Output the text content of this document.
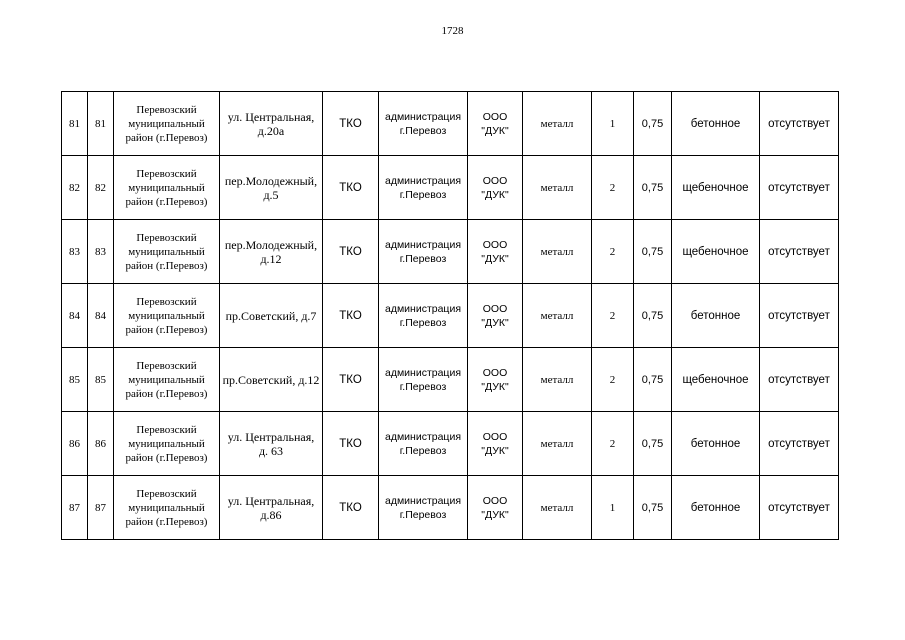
1728
81	81	Перевозский муниципальный район (г.Перевоз)	ул. Центральная, д.20а	ТКО	администрация г.Перевоз	ООО "ДУК"	металл	1	0,75	бетонное	отсутствует
82	82	Перевозский муниципальный район (г.Перевоз)	пер.Молодежный, д.5	ТКО	администрация г.Перевоз	ООО "ДУК"	металл	2	0,75	щебеночное	отсутствует
83	83	Перевозский муниципальный район (г.Перевоз)	пер.Молодежный, д.12	ТКО	администрация г.Перевоз	ООО "ДУК"	металл	2	0,75	щебеночное	отсутствует
84	84	Перевозский муниципальный район (г.Перевоз)	пр.Советский, д.7	ТКО	администрация г.Перевоз	ООО "ДУК"	металл	2	0,75	бетонное	отсутствует
85	85	Перевозский муниципальный район (г.Перевоз)	пр.Советский, д.12	ТКО	администрация г.Перевоз	ООО "ДУК"	металл	2	0,75	щебеночное	отсутствует
86	86	Перевозский муниципальный район (г.Перевоз)	ул. Центральная, д. 63	ТКО	администрация г.Перевоз	ООО "ДУК"	металл	2	0,75	бетонное	отсутствует
87	87	Перевозский муниципальный район (г.Перевоз)	ул. Центральная, д.86	ТКО	администрация г.Перевоз	ООО "ДУК"	металл	1	0,75	бетонное	отсутствует
